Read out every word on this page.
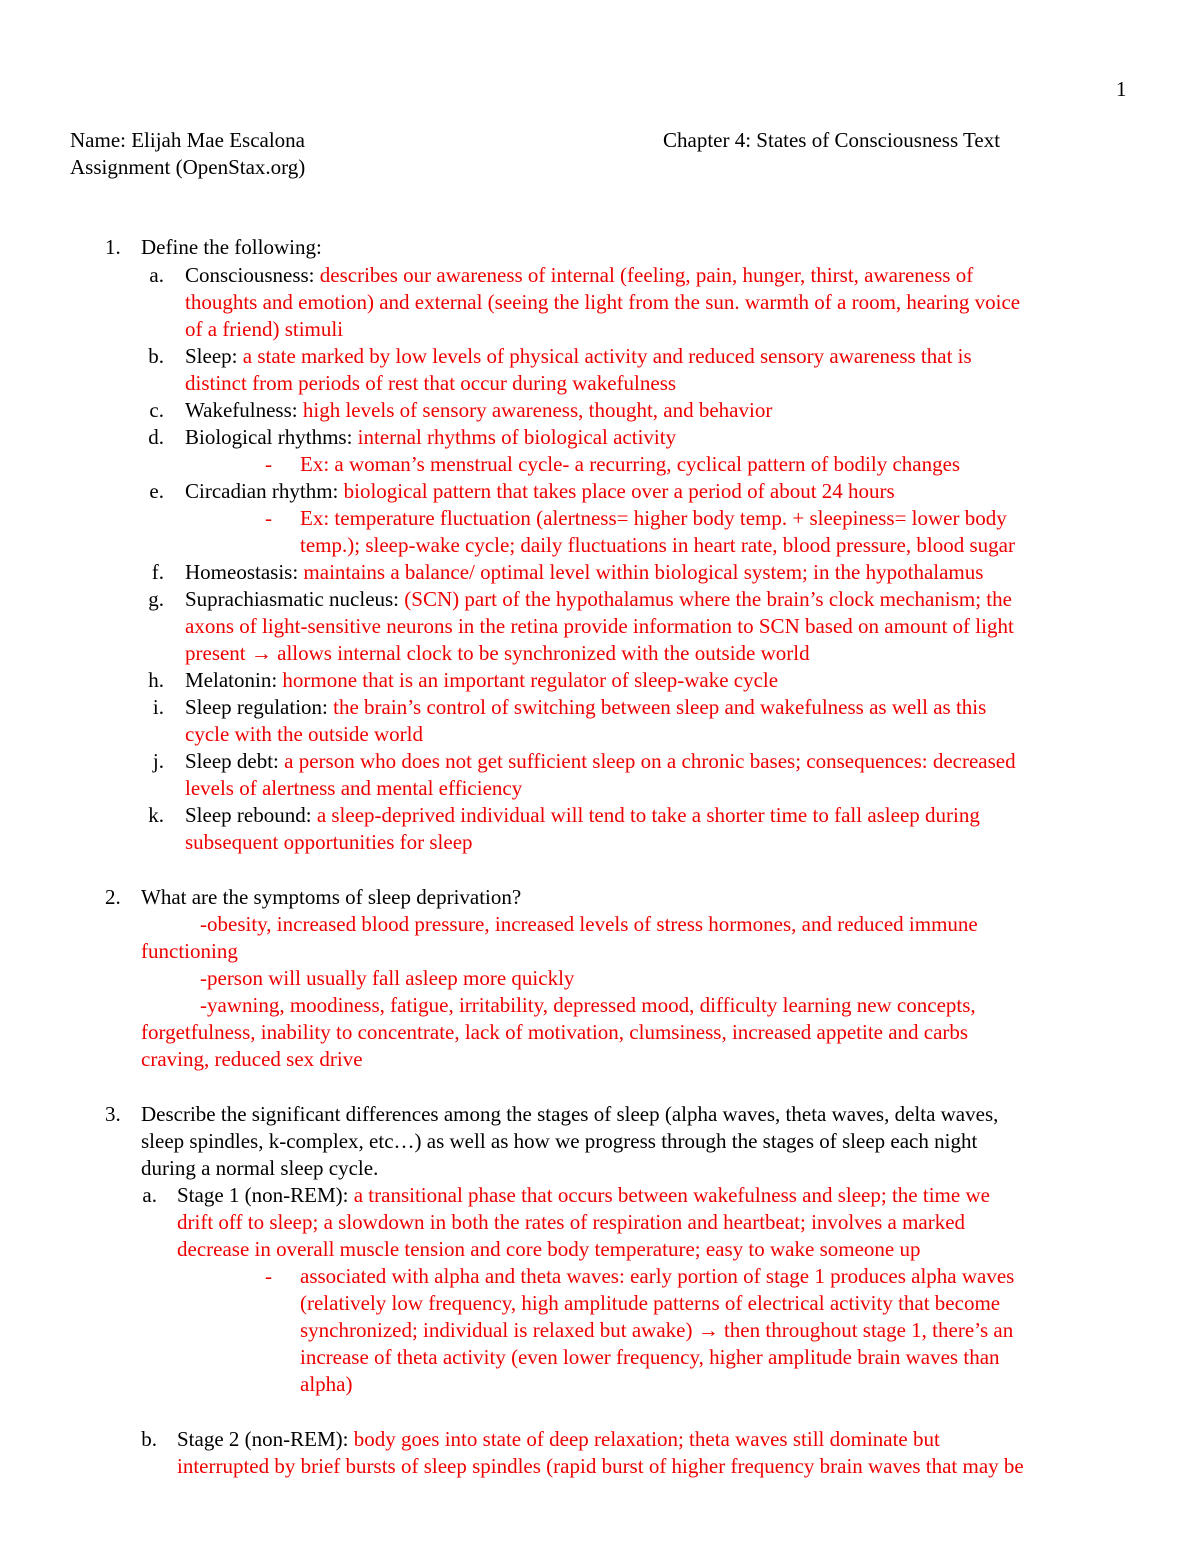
1
Name: Elijah Mae Escalona	Chapter 4: States of Consciousness Text
Assignment (OpenStax.org)
1. Define the following:
a. Consciousness: describes our awareness of internal (feeling, pain, hunger, thirst, awareness of
thoughts and emotion) and external (seeing the light from the sun. warmth of a room, hearing voice
of a friend) stimuli
b. Sleep: a state marked by low levels of physical activity and reduced sensory awareness that is
distinct from periods of rest that occur during wakefulness
c. Wakefulness: high levels of sensory awareness, thought, and behavior
d. Biological rhythms: internal rhythms of biological activity
- Ex: a woman’s menstrual cycle- a recurring, cyclical pattern of bodily changes
e. Circadian rhythm: biological pattern that takes place over a period of about 24 hours
- Ex: temperature fluctuation (alertness= higher body temp. + sleepiness= lower body
temp.); sleep-wake cycle; daily fluctuations in heart rate, blood pressure, blood sugar
f. Homeostasis: maintains a balance/ optimal level within biological system; in the hypothalamus
g. Suprachiasmatic nucleus: (SCN) part of the hypothalamus where the brain’s clock mechanism; the
axons of light-sensitive neurons in the retina provide information to SCN based on amount of light
present → allows internal clock to be synchronized with the outside world
h. Melatonin: hormone that is an important regulator of sleep-wake cycle
i. Sleep regulation: the brain’s control of switching between sleep and wakefulness as well as this
cycle with the outside world
j. Sleep debt: a person who does not get sufficient sleep on a chronic bases; consequences: decreased
levels of alertness and mental efficiency
k. Sleep rebound: a sleep-deprived individual will tend to take a shorter time to fall asleep during
subsequent opportunities for sleep
2. What are the symptoms of sleep deprivation?
-obesity, increased blood pressure, increased levels of stress hormones, and reduced immune
functioning
-person will usually fall asleep more quickly
-yawning, moodiness, fatigue, irritability, depressed mood, difficulty learning new concepts,
forgetfulness, inability to concentrate, lack of motivation, clumsiness, increased appetite and carbs
craving, reduced sex drive
3. Describe the significant differences among the stages of sleep (alpha waves, theta waves, delta waves,
sleep spindles, k-complex, etc…) as well as how we progress through the stages of sleep each night
during a normal sleep cycle.
a. Stage 1 (non-REM): a transitional phase that occurs between wakefulness and sleep; the time we
drift off to sleep; a slowdown in both the rates of respiration and heartbeat; involves a marked
decrease in overall muscle tension and core body temperature; easy to wake someone up
- associated with alpha and theta waves: early portion of stage 1 produces alpha waves
(relatively low frequency, high amplitude patterns of electrical activity that become
synchronized; individual is relaxed but awake) → then throughout stage 1, there’s an
increase of theta activity (even lower frequency, higher amplitude brain waves than
alpha)
b. Stage 2 (non-REM): body goes into state of deep relaxation; theta waves still dominate but
interrupted by brief bursts of sleep spindles (rapid burst of higher frequency brain waves that may be
